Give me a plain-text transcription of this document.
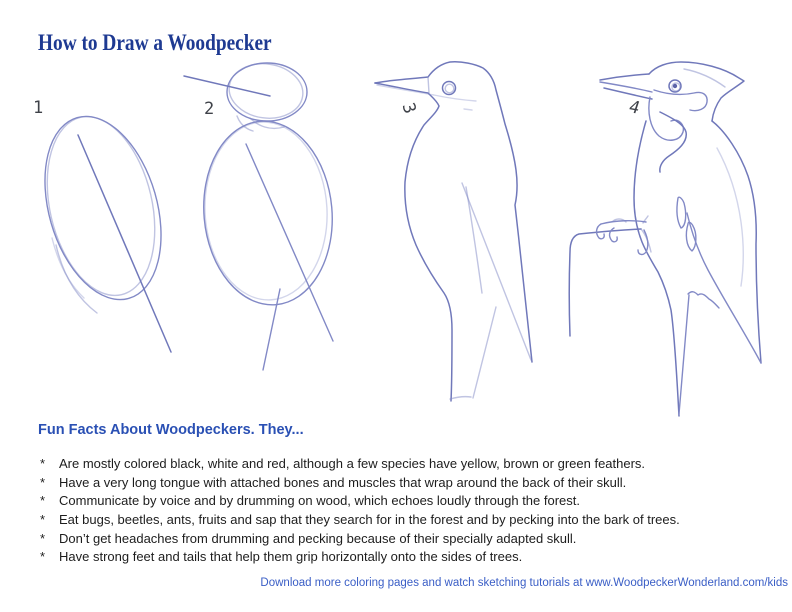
How to Draw a Woodpecker
1	2	3	4
Fun Facts About Woodpeckers. They...
*	Are mostly colored black, white and red, although a few species have yellow, brown or green feathers.
*	Have a very long tongue with attached bones and muscles that wrap around the back of their skull.
*	Communicate by voice and by drumming on wood, which echoes loudly through the forest.
*	Eat bugs, beetles, ants, fruits and sap that they search for in the forest and by pecking into the bark of trees.
*	Don’t get headaches from drumming and pecking because of their specially adapted skull.
*	Have strong feet and tails that help them grip horizontally onto the sides of trees.
Download more coloring pages and watch sketching tutorials at www.WoodpeckerWonderland.com/kids
